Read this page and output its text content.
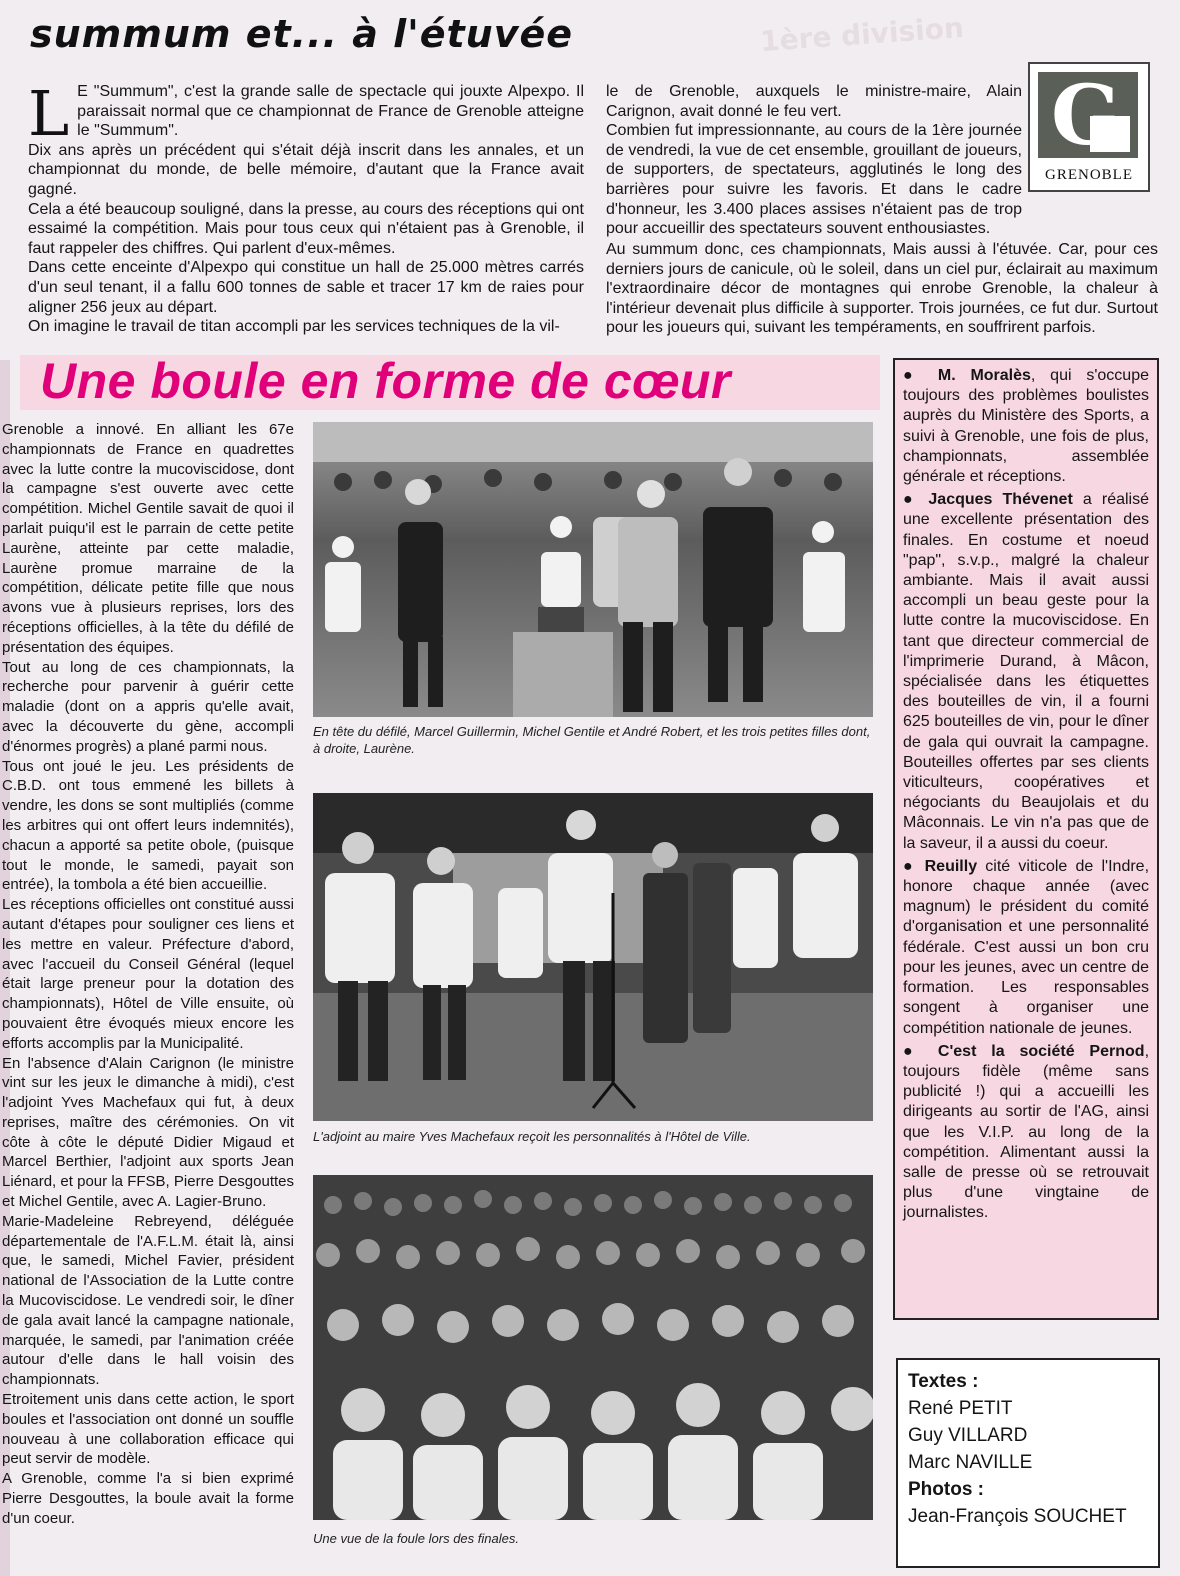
1ère division
summum et... à l'étuvée
L E "Summum", c'est la grande salle de spectacle qui jouxte Alpexpo. Il paraissait normal que ce championnat de France de Grenoble atteigne le "Summum".

Dix ans après un précédent qui s'était déjà inscrit dans les annales, et un championnat du monde, de belle mémoire, d'autant que la France avait gagné.

Cela a été beaucoup souligné, dans la presse, au cours des réceptions qui ont essaimé la compétition. Mais pour tous ceux qui n'étaient pas à Grenoble, il faut rappeler des chiffres. Qui parlent d'eux-mêmes.

Dans cette enceinte d'Alpexpo qui constitue un hall de 25.000 mètres carrés d'un seul tenant, il a fallu 600 tonnes de sable et tracer 17 km de raies pour aligner 256 jeux au départ.

On imagine le travail de titan accompli par les services techniques de la vil-

le de Grenoble, auxquels le ministre-maire, Alain Carignon, avait donné le feu vert.

Combien fut impressionnante, au cours de la 1ère journée de vendredi, la vue de cet ensemble, grouillant de joueurs, de supporters, de spectateurs, agglutinés le long des barrières pour suivre les favoris. Et dans le cadre d'honneur, les 3.400 places assises n'étaient pas de trop pour accueillir des spectateurs souvent enthousiastes.

Au summum donc, ces championnats, Mais aussi à l'étuvée. Car, pour ces derniers jours de canicule, où le soleil, dans un ciel pur, éclairait au maximum l'extraordinaire décor de montagnes qui enrobe Grenoble, la chaleur à l'intérieur devenait plus difficile à supporter. Trois journées, ce fut dur. Surtout pour les joueurs qui, suivant les tempéraments, en souffrirent parfois.

G
GRENOBLE
Une boule en forme de cœur

Grenoble a innové. En alliant les 67e championnats de France en quadrettes avec la lutte contre la mucoviscidose, dont la campagne s'est ouverte avec cette compétition. Michel Gentile savait de quoi il parlait puiqu'il est le parrain de cette petite Laurène, atteinte par cette maladie, Laurène promue marraine de la compétition, délicate petite fille que nous avons vue à plusieurs reprises, lors des réceptions officielles, à la tête du défilé de présentation des équipes.

Tout au long de ces championnats, la recherche pour parvenir à guérir cette maladie (dont on a appris qu'elle avait, avec la découverte du gène, accompli d'énormes progrès) a plané parmi nous.

Tous ont joué le jeu. Les présidents de C.B.D. ont tous emmené les billets à vendre, les dons se sont multipliés (comme les arbitres qui ont offert leurs indemnités), chacun a apporté sa petite obole, (puisque tout le monde, le samedi, payait son entrée), la tombola a été bien accueillie.

Les réceptions officielles ont constitué aussi autant d'étapes pour souligner ces liens et les mettre en valeur. Préfecture d'abord, avec l'accueil du Conseil Général (lequel était large preneur pour la dotation des championnats), Hôtel de Ville ensuite, où pouvaient être évoqués mieux encore les efforts accomplis par la Municipalité.

En l'absence d'Alain Carignon (le ministre vint sur les jeux le dimanche à midi), c'est l'adjoint Yves Machefaux qui fut, à deux reprises, maître des cérémonies. On vit côte à côte le député Didier Migaud et Marcel Berthier, l'adjoint aux sports Jean Liénard, et pour la FFSB, Pierre Desgouttes et Michel Gentile, avec A. Lagier-Bruno.

Marie-Madeleine Rebreyend, déléguée départementale de l'A.F.L.M. était là, ainsi que, le samedi, Michel Favier, président national de l'Association de la Lutte contre la Mucoviscidose. Le vendredi soir, le dîner de gala avait lancé la campagne nationale, marquée, le samedi, par l'animation créée autour d'elle dans le hall voisin des championnats.

Etroitement unis dans cette action, le sport boules et l'association ont donné un souffle nouveau à une collaboration efficace qui peut servir de modèle.

A Grenoble, comme l'a si bien exprimé Pierre Desgouttes, la boule avait la forme d'un coeur.

En tête du défilé, Marcel Guillermin, Michel Gentile et André Robert, et les trois petites filles dont, à droite, Laurène.
L'adjoint au maire Yves Machefaux reçoit les personnalités à l'Hôtel de Ville.
Une vue de la foule lors des finales.

● M. Moralès, qui s'occupe toujours des problèmes boulistes auprès du Ministère des Sports, a suivi à Grenoble, une fois de plus, championnats, assemblée générale et réceptions.

● Jacques Thévenet a réalisé une excellente présentation des finales. En costume et noeud "pap", s.v.p., malgré la chaleur ambiante. Mais il avait aussi accompli un beau geste pour la lutte contre la mucoviscidose. En tant que directeur commercial de l'imprimerie Durand, à Mâcon, spécialisée dans les étiquettes des bouteilles de vin, il a fourni 625 bouteilles de vin, pour le dîner de gala qui ouvrait la campagne. Bouteilles offertes par ses clients viticulteurs, coopératives et négociants du Beaujolais et du Mâconnais. Le vin n'a pas que de la saveur, il a aussi du coeur.

● Reuilly cité viticole de l'Indre, honore chaque année (avec magnum) le président du comité d'organisation et une personnalité fédérale. C'est aussi un bon cru pour les jeunes, avec un centre de formation. Les responsables songent à organiser une compétition nationale de jeunes.

● C'est la société Pernod, toujours fidèle (même sans publicité !) qui a accueilli les dirigeants au sortir de l'AG, ainsi que les V.I.P. au long de la compétition. Alimentant aussi la salle de presse où se retrouvait plus d'une vingtaine de journalistes.

Textes :
René PETIT
Guy VILLARD
Marc NAVILLE
Photos :
Jean-François SOUCHET
